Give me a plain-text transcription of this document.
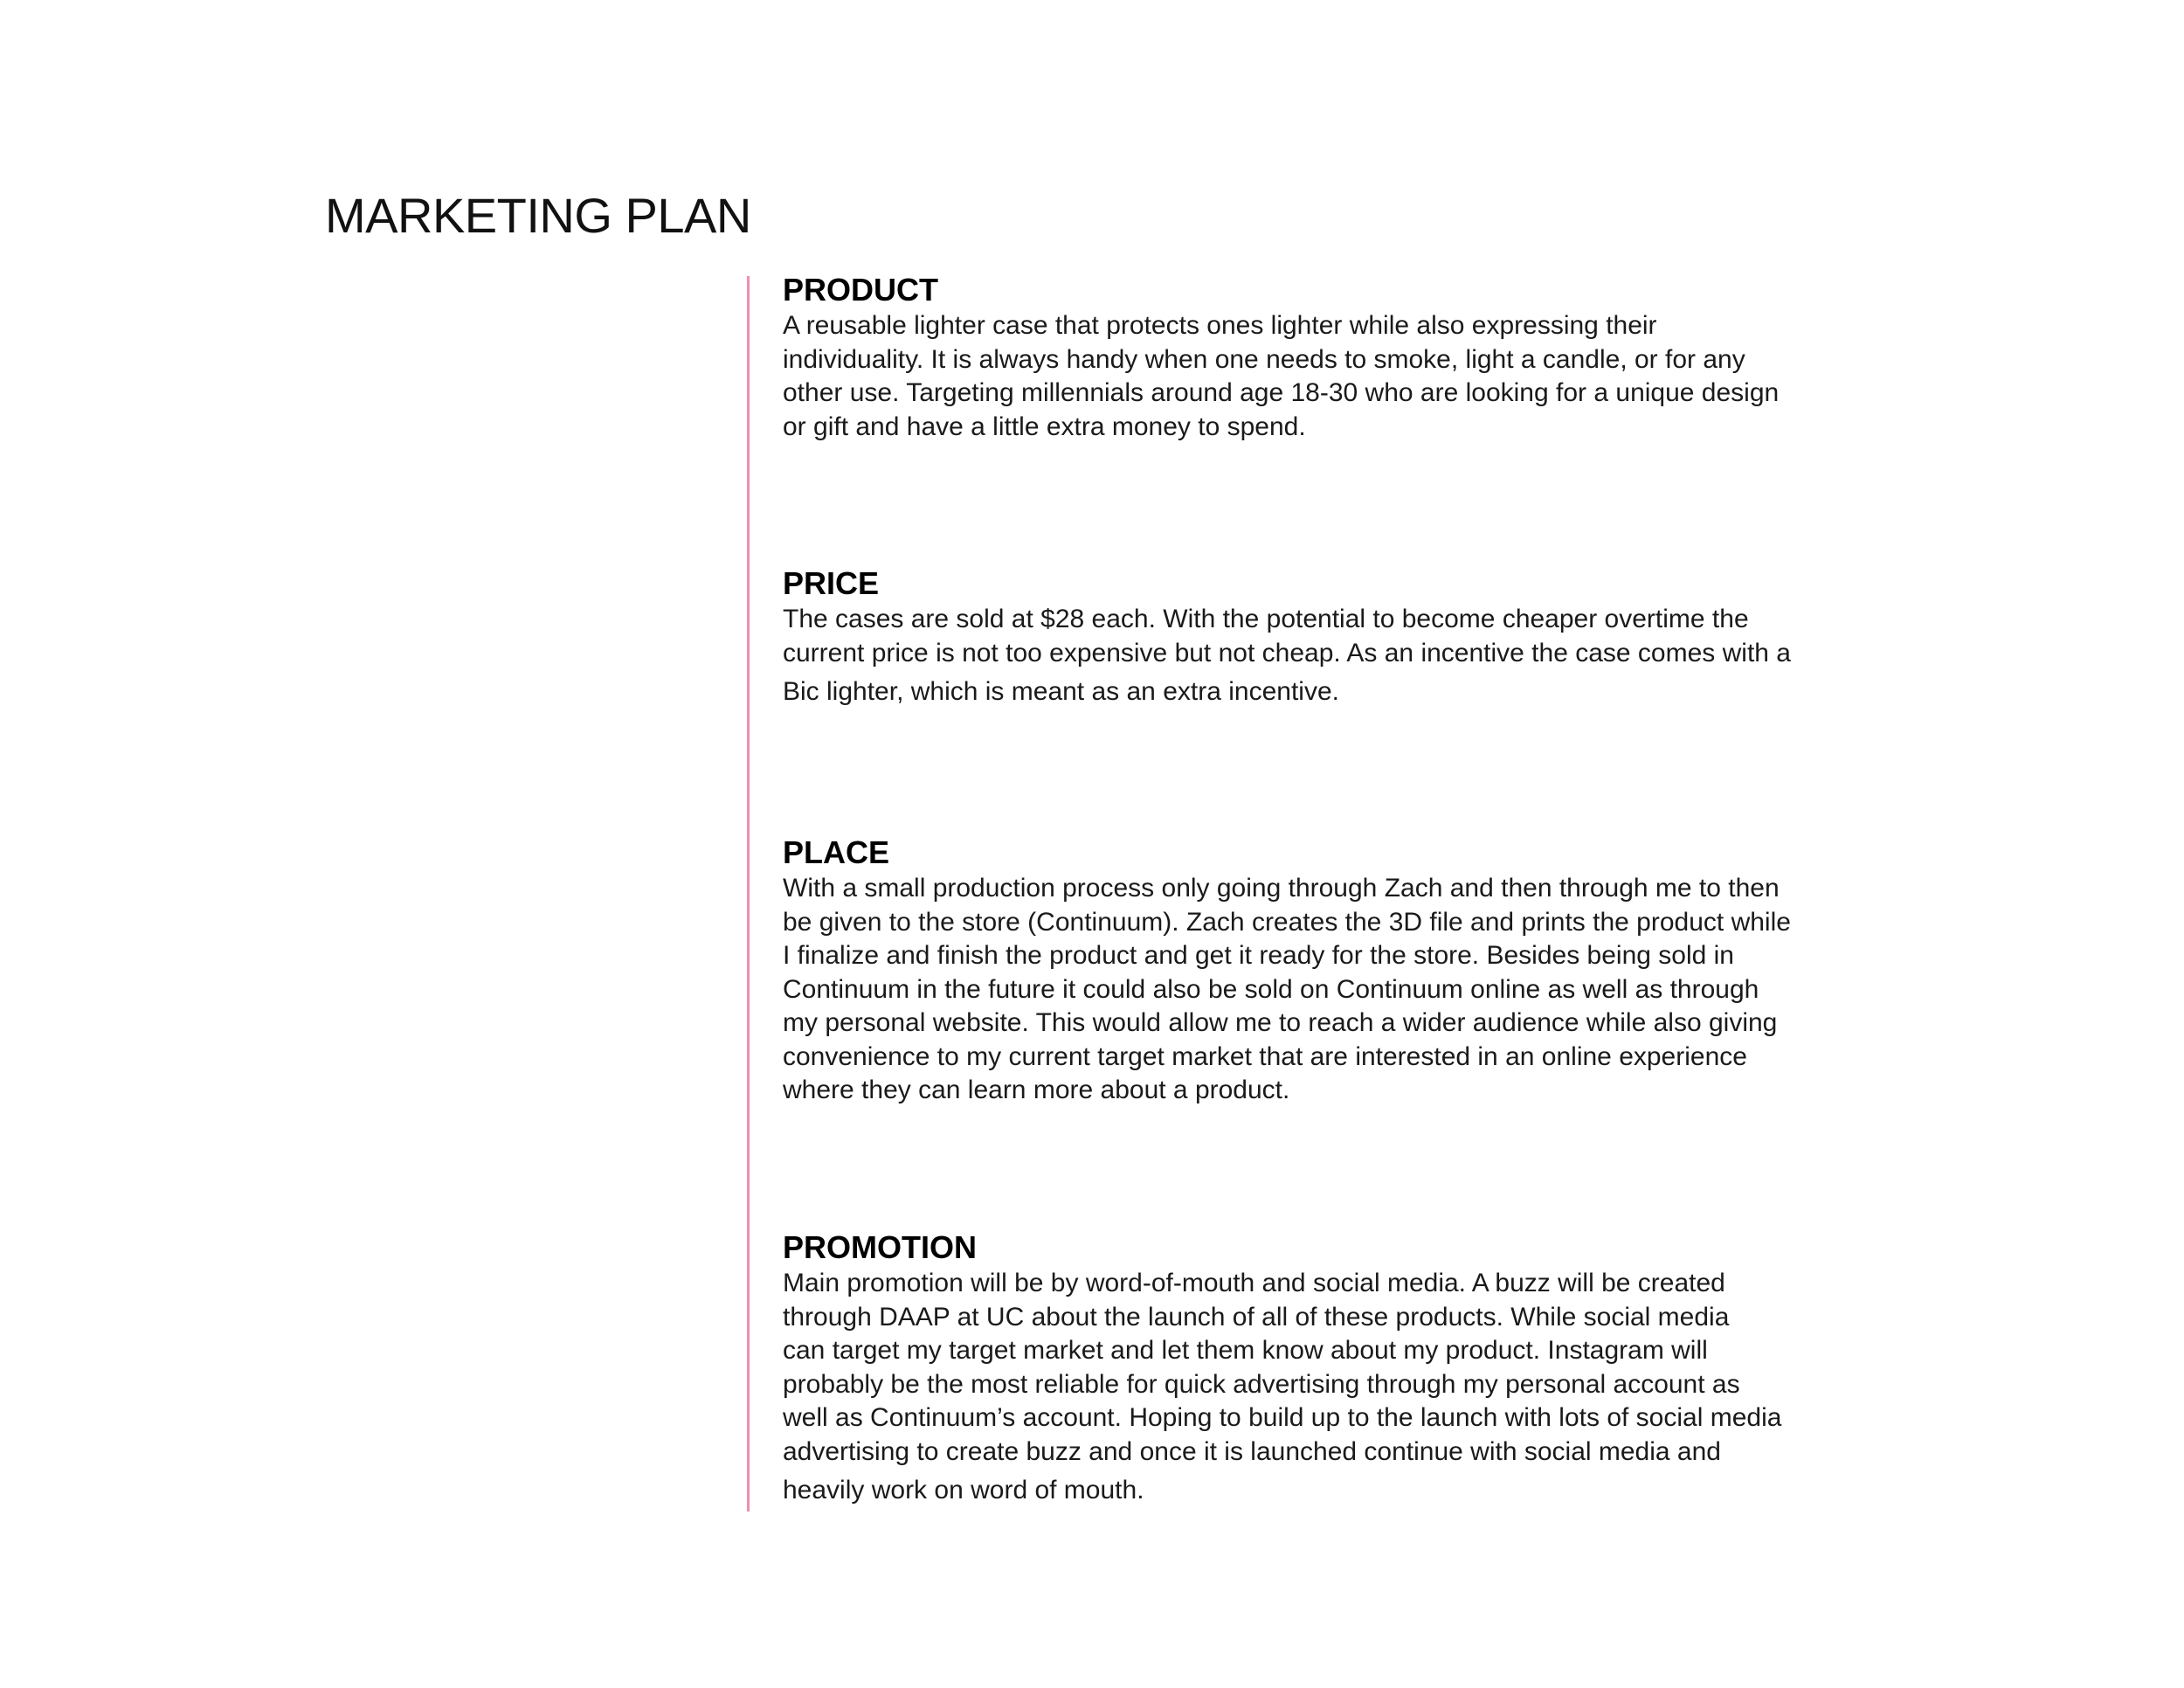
MARKETING PLAN
PRODUCT

A reusable lighter case that protects ones lighter while also expressing their
individuality. It is always handy when one needs to smoke, light a candle, or for any
other use. Targeting millennials around age 18-30 who are looking for a unique design
or gift and have a little extra money to spend.

PRICE

The cases are sold at $28 each. With the potential to become cheaper overtime the
current price is not too expensive but not cheap. As an incentive the case comes with a
Bic lighter, which is meant as an extra incentive.

PLACE

With a small production process only going through Zach and then through me to then
be given to the store (Continuum). Zach creates the 3D file and prints the product while
I finalize and finish the product and get it ready for the store. Besides being sold in
Continuum in the future it could also be sold on Continuum online as well as through
my personal website. This would allow me to reach a wider audience while also giving
convenience to my current target market that are interested in an online experience
where they can learn more about a product.

PROMOTION

Main promotion will be by word-of-mouth and social media. A buzz will be created
through DAAP at UC about the launch of all of these products. While social media
can target my target market and let them know about my product. Instagram will
probably be the most reliable for quick advertising through my personal account as
well as Continuum’s account. Hoping to build up to the launch with lots of social media
advertising to create buzz and once it is launched continue with social media and
heavily work on word of mouth.
